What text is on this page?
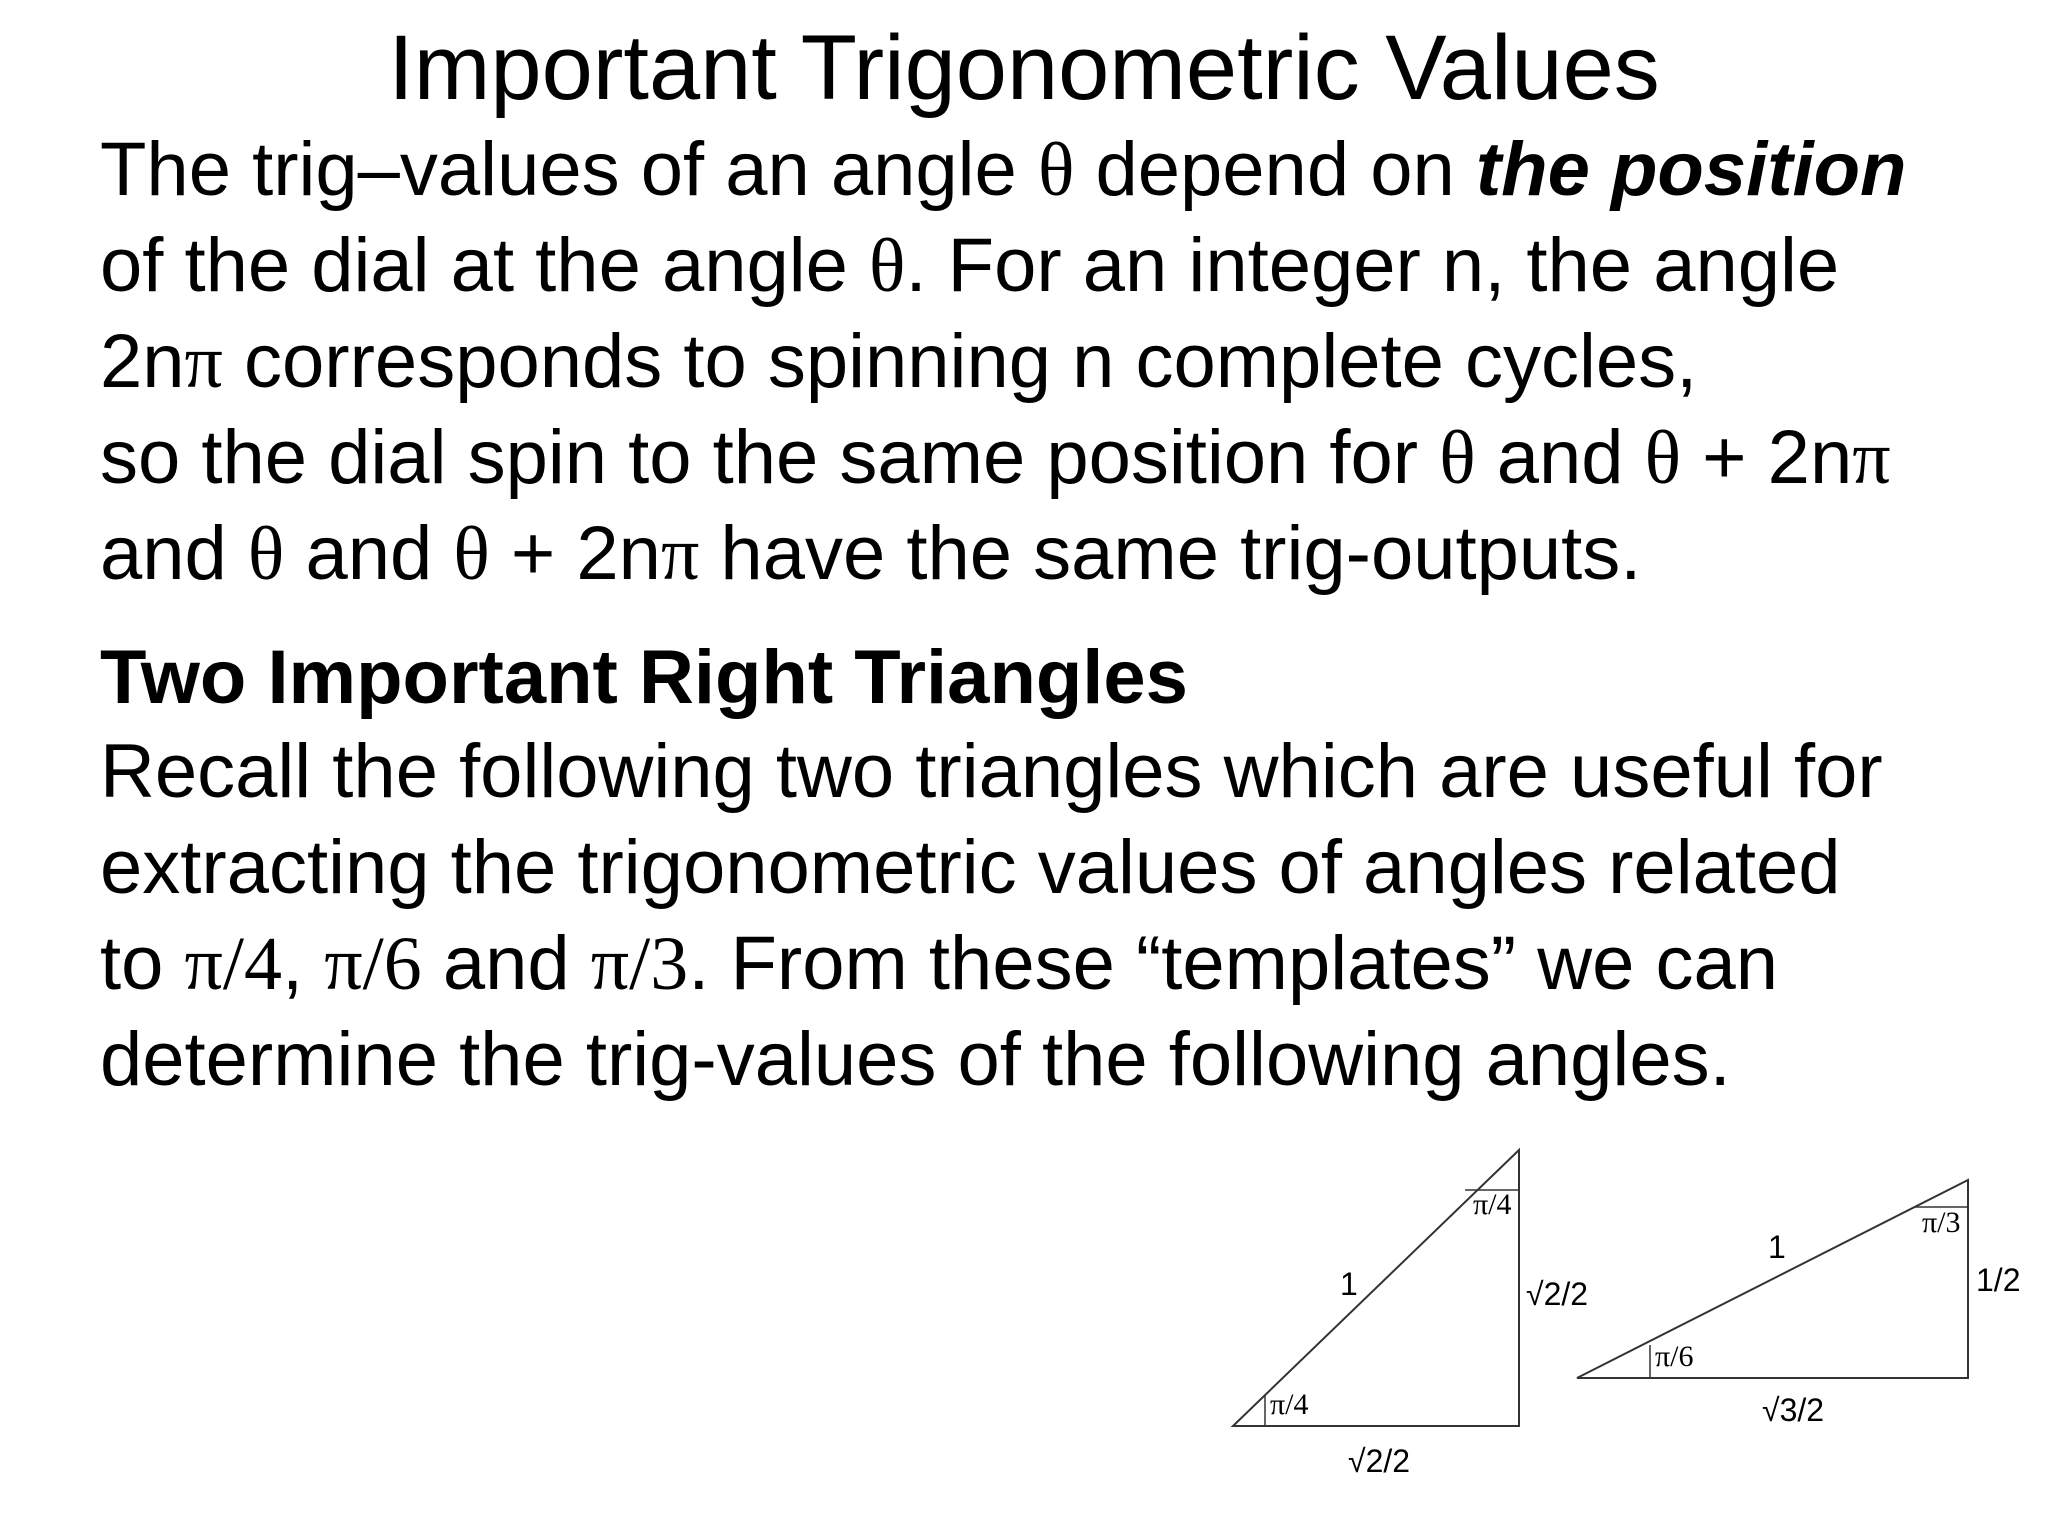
Important Trigonometric Values
The trig–values of an angle θ depend on the position
of the dial at the angle θ. For an integer n, the angle
2nπ corresponds to spinning n complete cycles,
so the dial spin to the same position for θ and θ + 2nπ
and θ and θ + 2nπ have the same trig-outputs.
Two Important Right Triangles
Recall the following two triangles which are useful for
extracting the trigonometric values of angles related
to π/4, π/6 and π/3. From these “templates” we can
determine the trig-values of the following angles.
π/4
π/4
1	√2/2
√2/2
π/3
π/6
1
1/2
√3/2
